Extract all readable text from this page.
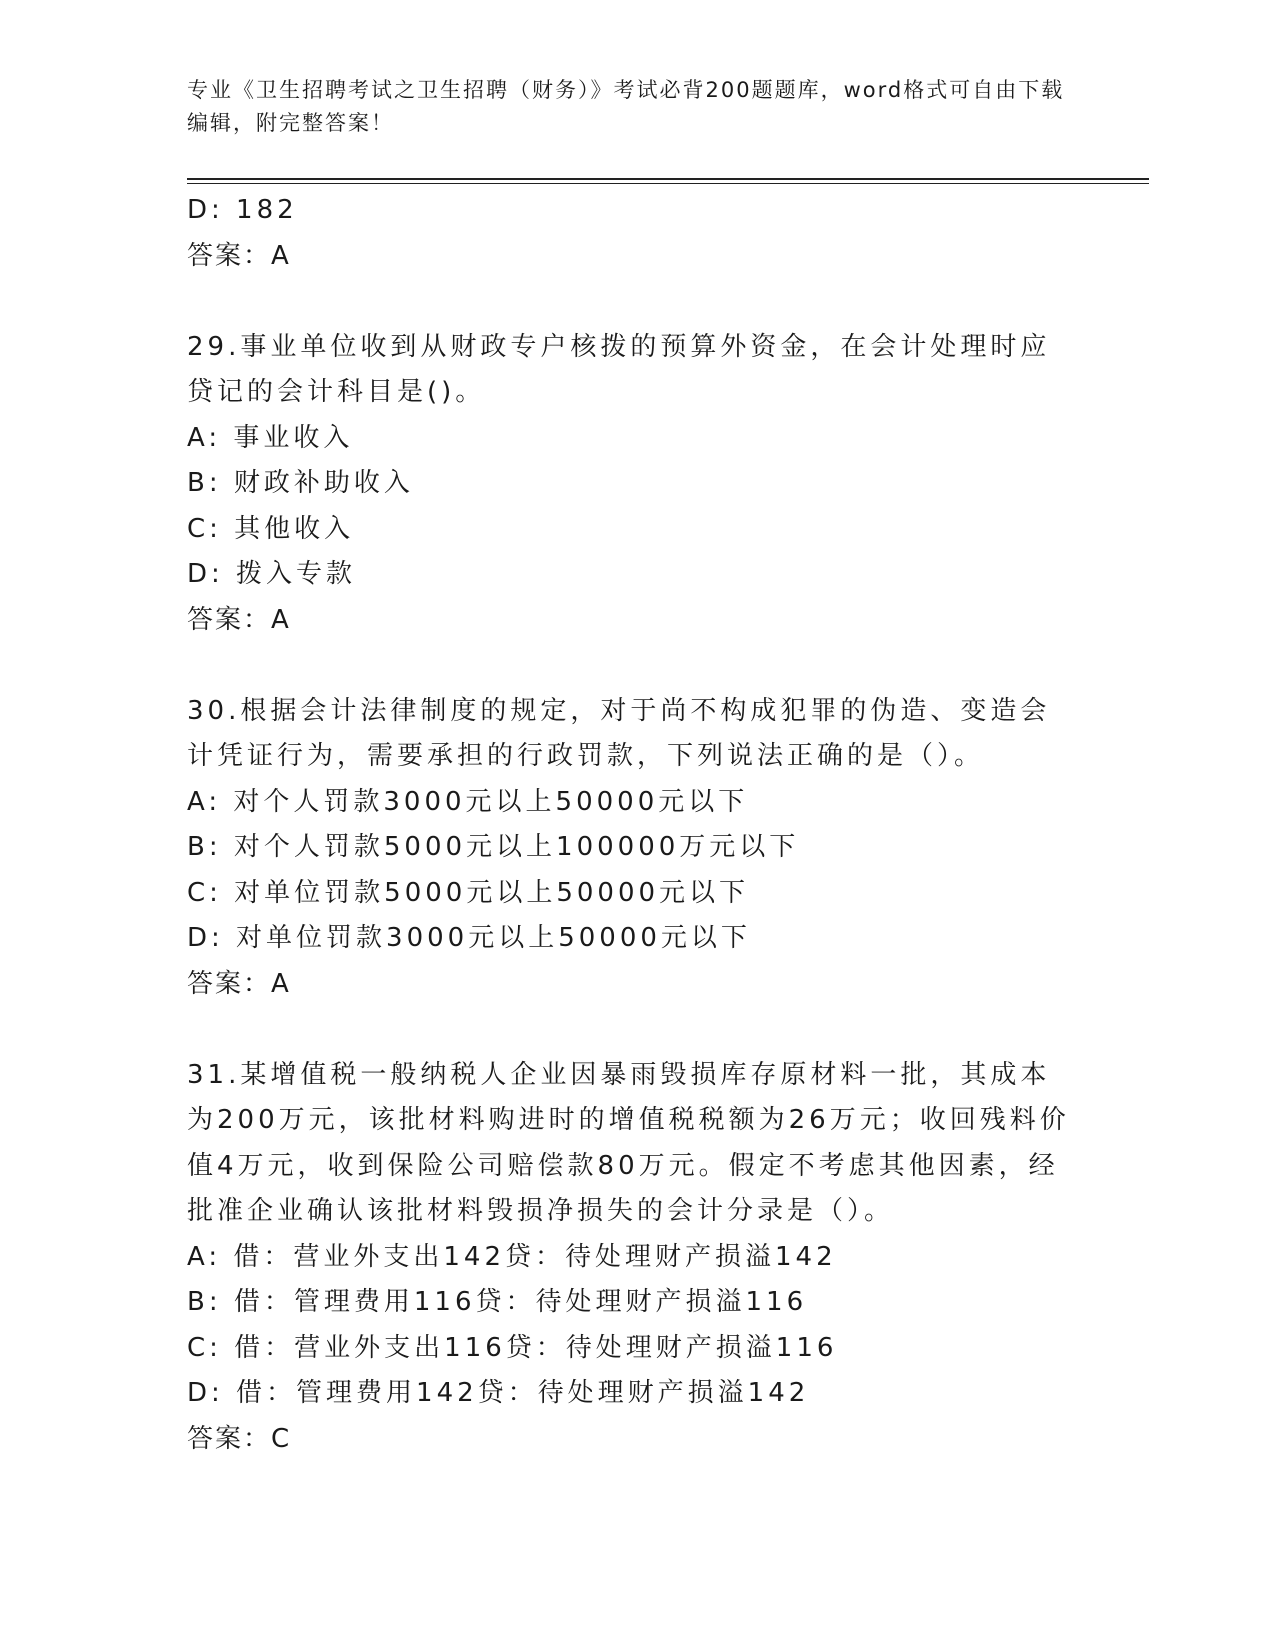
专业《卫生招聘考试之卫生招聘（财务）》考试必背200题题库，word格式可自由下载编辑，附完整答案！
D: 182
答案：A
29.事业单位收到从财政专户核拨的预算外资金，在会计处理时应贷记的会计科目是()。
A: 事业收入
B: 财政补助收入
C: 其他收入
D: 拨入专款
答案：A
30.根据会计法律制度的规定，对于尚不构成犯罪的伪造、变造会计凭证行为，需要承担的行政罚款，下列说法正确的是（）。
A: 对个人罚款3000元以上50000元以下
B: 对个人罚款5000元以上100000万元以下
C: 对单位罚款5000元以上50000元以下
D: 对单位罚款3000元以上50000元以下
答案：A
31.某增值税一般纳税人企业因暴雨毁损库存原材料一批，其成本为200万元，该批材料购进时的增值税税额为26万元；收回残料价值4万元，收到保险公司赔偿款80万元。假定不考虑其他因素，经批准企业确认该批材料毁损净损失的会计分录是（）。
A: 借：营业外支出142贷：待处理财产损溢142
B: 借：管理费用116贷：待处理财产损溢116
C: 借：营业外支出116贷：待处理财产损溢116
D: 借：管理费用142贷：待处理财产损溢142
答案：C
